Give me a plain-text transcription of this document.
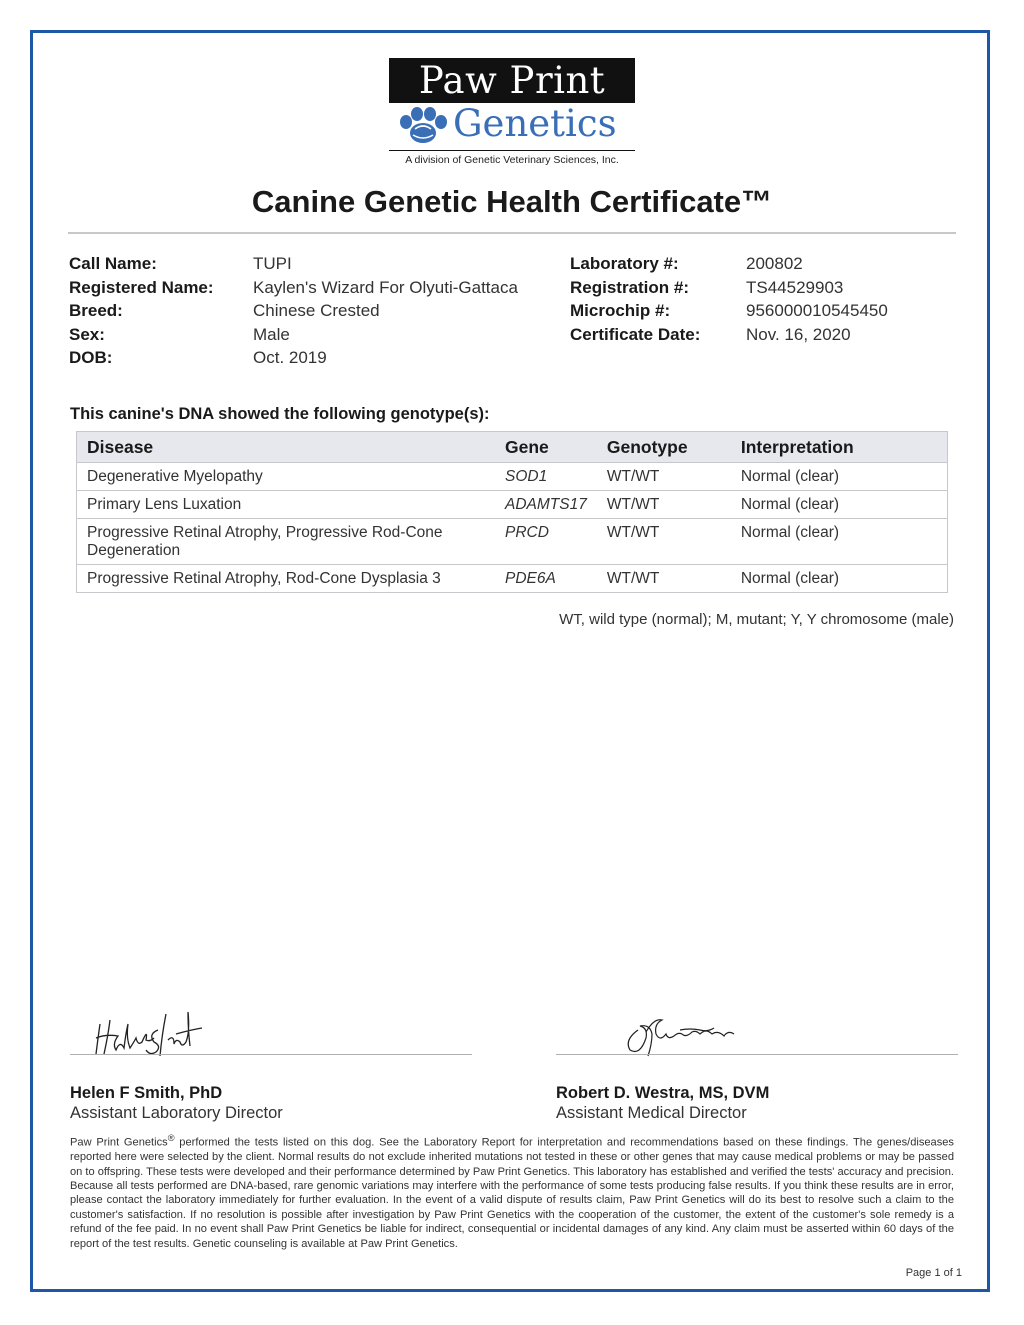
Paw Print
Genetics
A division of Genetic Veterinary Sciences, Inc.
Canine Genetic Health Certificate™
Call Name:	TUPI
Registered Name:	Kaylen's Wizard For Olyuti-Gattaca
Breed:	Chinese Crested
Sex:	Male
DOB:	Oct. 2019
Laboratory #:	200802
Registration #:	TS44529903
Microchip #:	956000010545450
Certificate Date:	Nov. 16, 2020
This canine's DNA showed the following genotype(s):
Disease	Gene	Genotype	Interpretation
Degenerative Myelopathy	SOD1	WT/WT	Normal (clear)
Primary Lens Luxation	ADAMTS17	WT/WT	Normal (clear)
Progressive Retinal Atrophy, Progressive Rod-Cone Degeneration	PRCD	WT/WT	Normal (clear)
Progressive Retinal Atrophy, Rod-Cone Dysplasia 3	PDE6A	WT/WT	Normal (clear)
WT, wild type (normal); M, mutant; Y, Y chromosome (male)
Helen F Smith, PhD
Assistant Laboratory Director
Robert D. Westra, MS, DVM
Assistant Medical Director
Paw Print Genetics® performed the tests listed on this dog. See the Laboratory Report for interpretation and recommendations based on these findings. The genes/diseases reported here were selected by the client. Normal results do not exclude inherited mutations not tested in these or other genes that may cause medical problems or may be passed on to offspring. These tests were developed and their performance determined by Paw Print Genetics. This laboratory has established and verified the tests' accuracy and precision. Because all tests performed are DNA-based, rare genomic variations may interfere with the performance of some tests producing false results. If you think these results are in error, please contact the laboratory immediately for further evaluation. In the event of a valid dispute of results claim, Paw Print Genetics will do its best to resolve such a claim to the customer's satisfaction. If no resolution is possible after investigation by Paw Print Genetics with the cooperation of the customer, the extent of the customer's sole remedy is a refund of the fee paid. In no event shall Paw Print Genetics be liable for indirect, consequential or incidental damages of any kind. Any claim must be asserted within 60 days of the report of the test results. Genetic counseling is available at Paw Print Genetics.
Page 1 of 1
